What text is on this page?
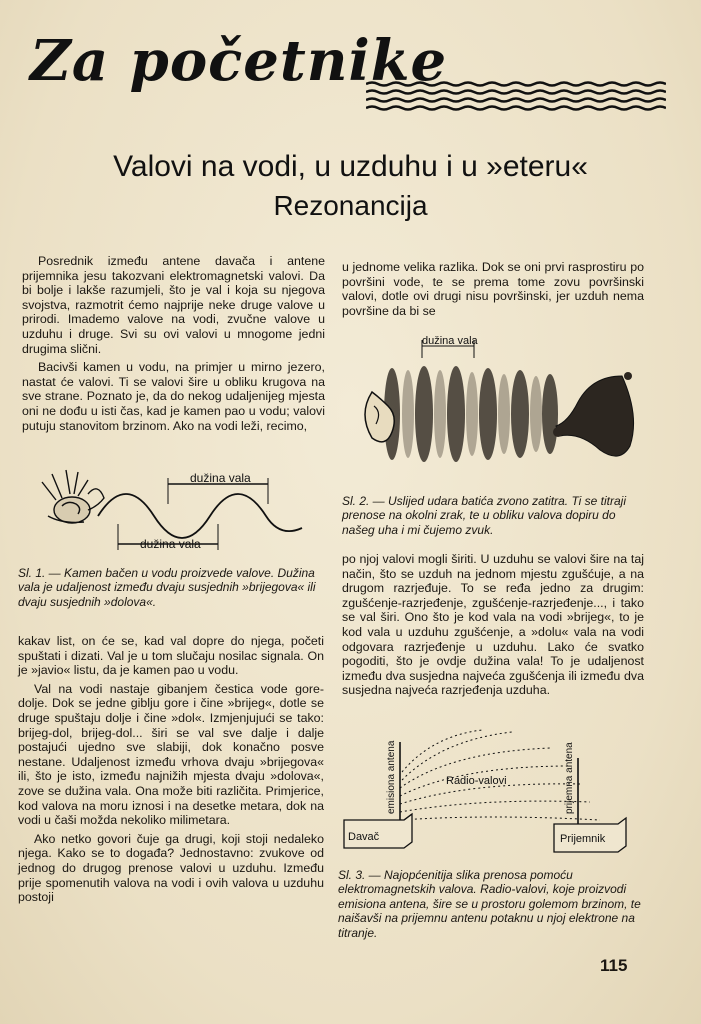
Za početnike
Valovi na vodi, u uzduhu i u »eteru«
Rezonancija

Posrednik između antene davača i antene prijemnika jesu takozvani elektromagnetski valovi. Da bi bolje i lakše razumjeli, što je val i koja su njegova svojstva, razmotrit ćemo najprije neke druge valove u prirodi. Imademo valove na vodi, zvučne valove u uzduhu i druge. Svi su ovi valovi u mnogome jedni drugima slični.

Bacivši kamen u vodu, na primjer u mirno jezero, nastat će valovi. Ti se valovi šire u obliku krugova na sve strane. Poznato je, da do nekog udaljenijeg mjesta oni ne dođu u isti čas, kad je kamen pao u vodu; valovi putuju stanovitom brzinom. Ako na vodi leži, recimo,

dužina vala
dužina vala
Sl. 1. — Kamen bačen u vodu proizvede valove. Dužina vala je udaljenost između dvaju susjednih »brijegova« ili dvaju susjednih »dolova«.

kakav list, on će se, kad val dopre do njega, početi spuštati i dizati. Val je u tom slučaju nosilac signala. On je »javio« listu, da je kamen pao u vodu.

Val na vodi nastaje gibanjem čestica vode gore-dolje. Dok se jedne giblju gore i čine »brijeg«, dotle se druge spuštaju dolje i čine »dol«. Izmjenjujući se tako: brijeg-dol, brijeg-dol... širi se val sve dalje i dalje postajući ujedno sve slabiji, dok konačno posve nestane. Udaljenost između vrhova dvaju »brijegova« ili, što je isto, između najnižih mjesta dvaju »dolova«, zove se dužina vala. Ona može biti različita. Primjerice, kod valova na moru iznosi i na desetke metara, dok na vodi u čaši možda nekoliko milimetara.

Ako netko govori čuje ga drugi, koji stoji nedaleko njega. Kako se to događa? Jednostavno: zvukove od jednog do drugog prenose valovi u uzduhu. Između prije spomenutih valova na vodi i ovih valova u uzduhu postoji

u jednome velika razlika. Dok se oni prvi rasprostiru po površini vode, te se prema tome zovu površinski valovi, dotle ovi drugi nisu površinski, jer uzduh nema površine da bi se

dužina vala
Sl. 2. — Uslijed udara batića zvono zatitra. Ti se titraji prenose na okolni zrak, te u obliku valova dopiru do našeg uha i mi čujemo zvuk.

po njoj valovi mogli širiti. U uzduhu se valovi šire na taj način, što se uzduh na jednom mjestu zgušćuje, a na drugom razrjeđuje. To se ređa jedno za drugim: zgušćenje-razrjeđenje, zgušćenje-razrjeđenje..., i tako se val širi. Ono što je kod vala na vodi »brijeg«, to je kod vala u uzduhu zgušćenje, a »dolu« vala na vodi odgovara razrjeđenje u uzduhu. Lako će svatko pogoditi, što je ovdje dužina vala! To je udaljenost između dva susjedna najveća zgušćenja ili između dva susjedna najveća razrjeđenja uzduha.

Davač	Prijemnik
Radio-valovi
emisiona antena	prijemna antena
Sl. 3. — Najopćenitija slika prenosa pomoću elektromagnetskih valova. Radio-valovi, koje proizvodi emisiona antena, šire se u prostoru golemom brzinom, te naišavši na prijemnu antenu potaknu u njoj elektrone na titranje.
115
